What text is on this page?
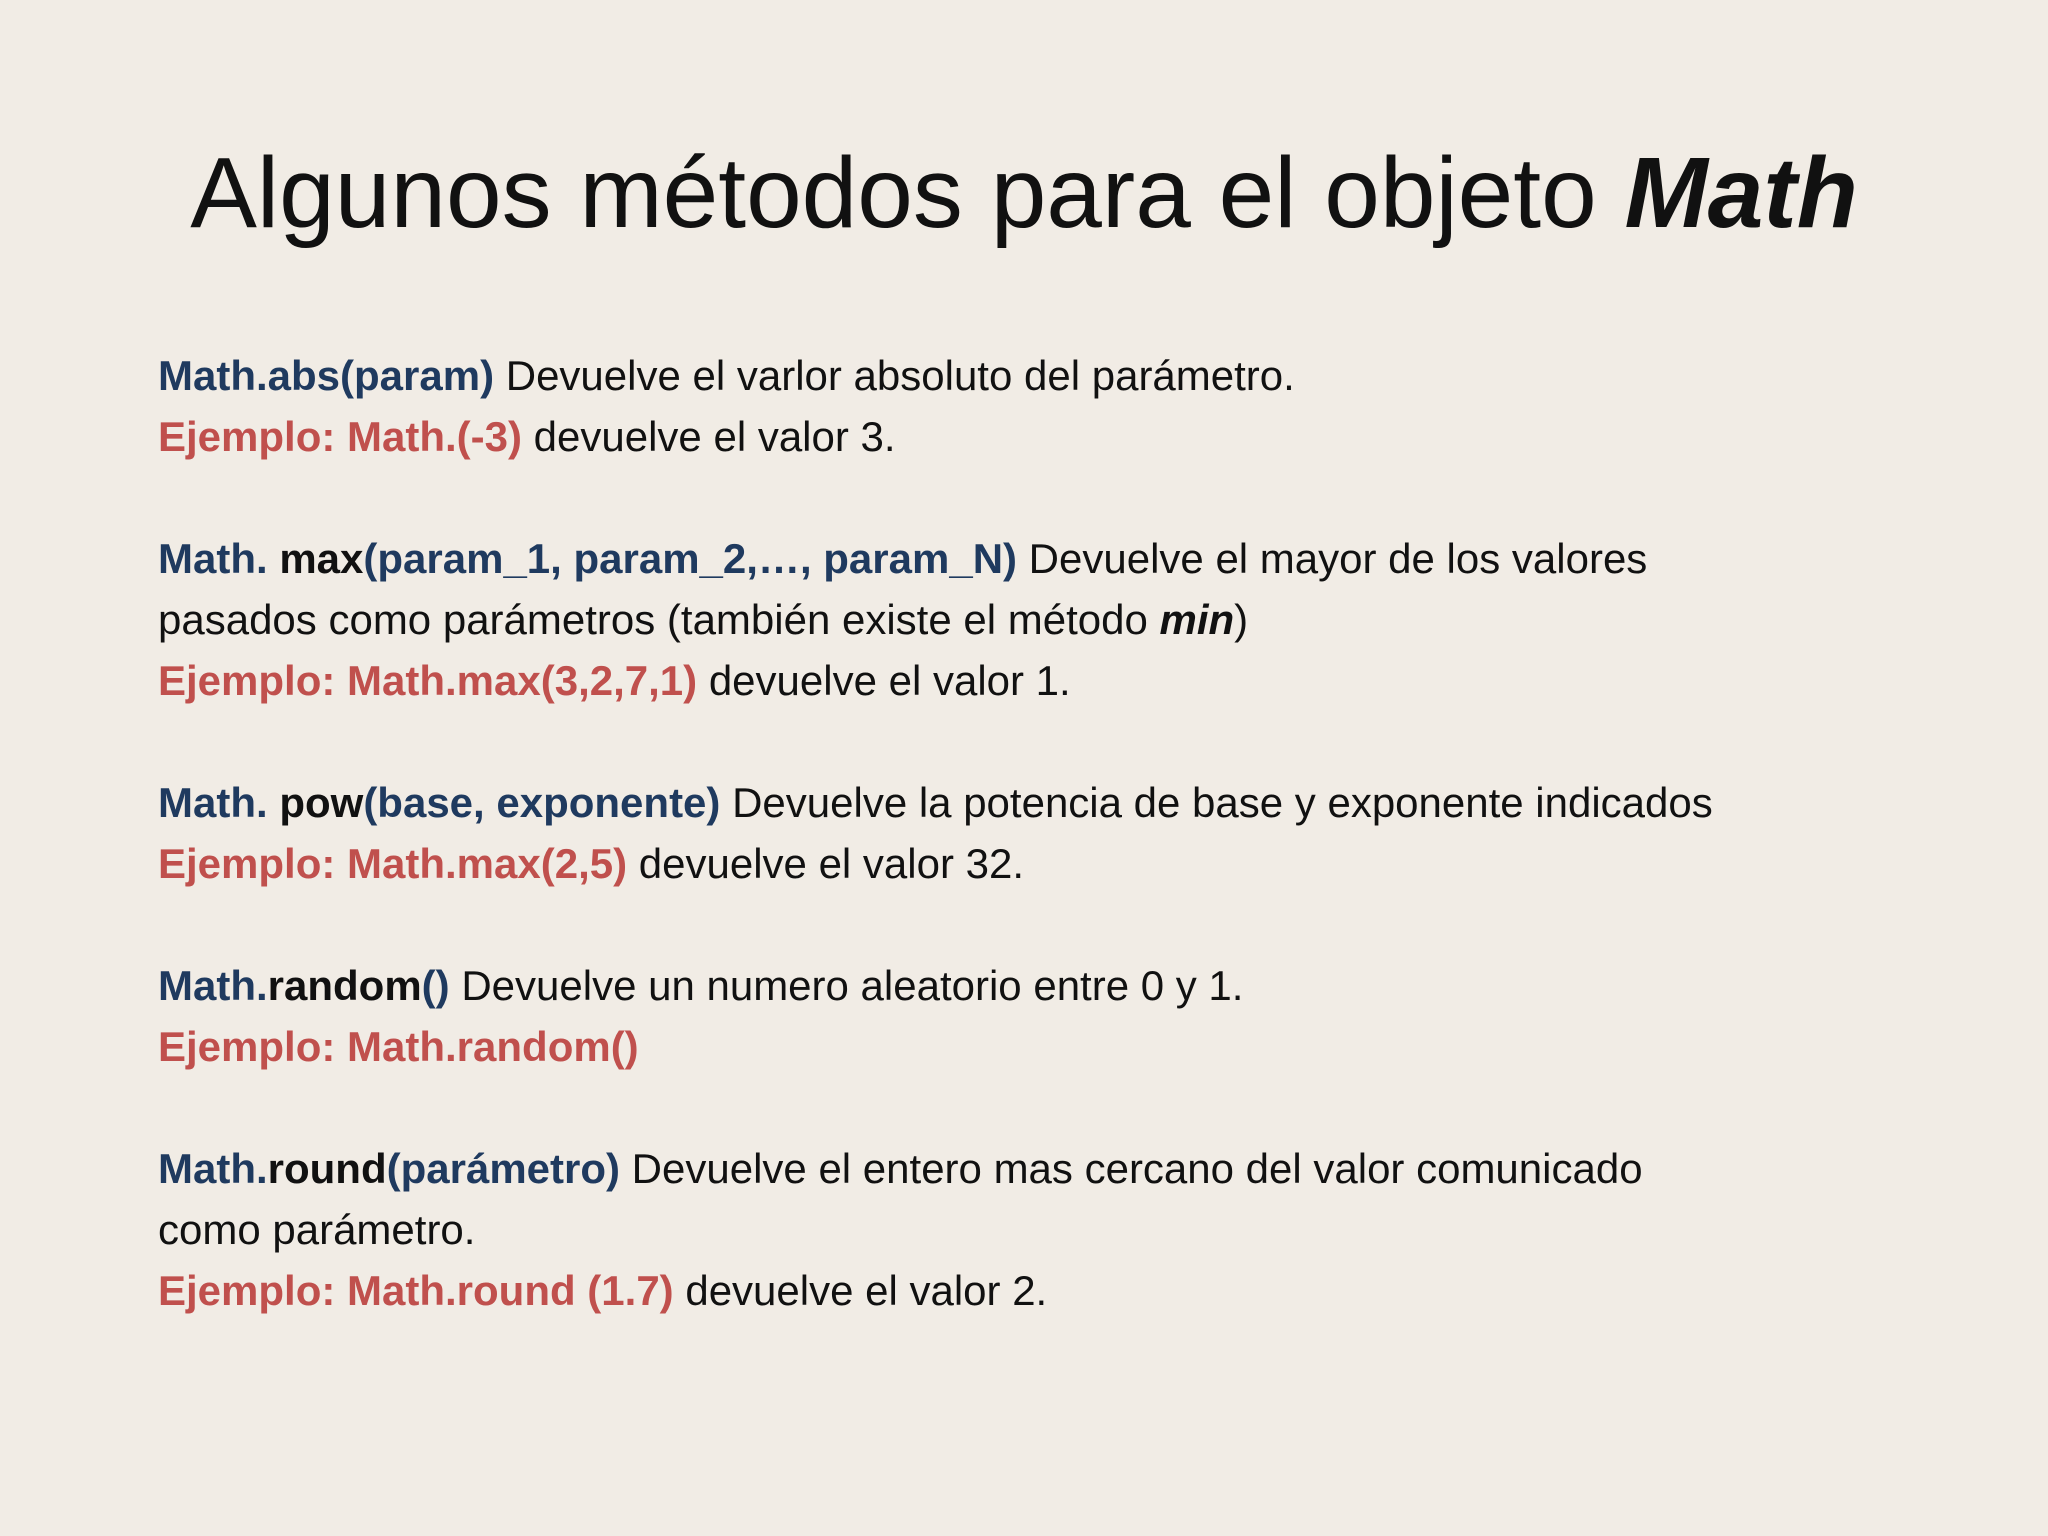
Algunos métodos para el objeto Math
Math.abs(param) Devuelve el varlor absoluto del parámetro.
Ejemplo: Math.(-3) devuelve el valor 3.
Math. max(param_1, param_2,…, param_N) Devuelve el mayor de los valores
pasados como parámetros (también existe el método min)
Ejemplo: Math.max(3,2,7,1) devuelve el valor 1.
Math. pow(base, exponente) Devuelve la potencia de base y exponente indicados
Ejemplo: Math.max(2,5) devuelve el valor 32.
Math.random() Devuelve un numero aleatorio entre 0 y 1.
Ejemplo: Math.random()
Math.round(parámetro) Devuelve el entero mas cercano del valor comunicado
como parámetro.
Ejemplo: Math.round (1.7) devuelve el valor 2.
